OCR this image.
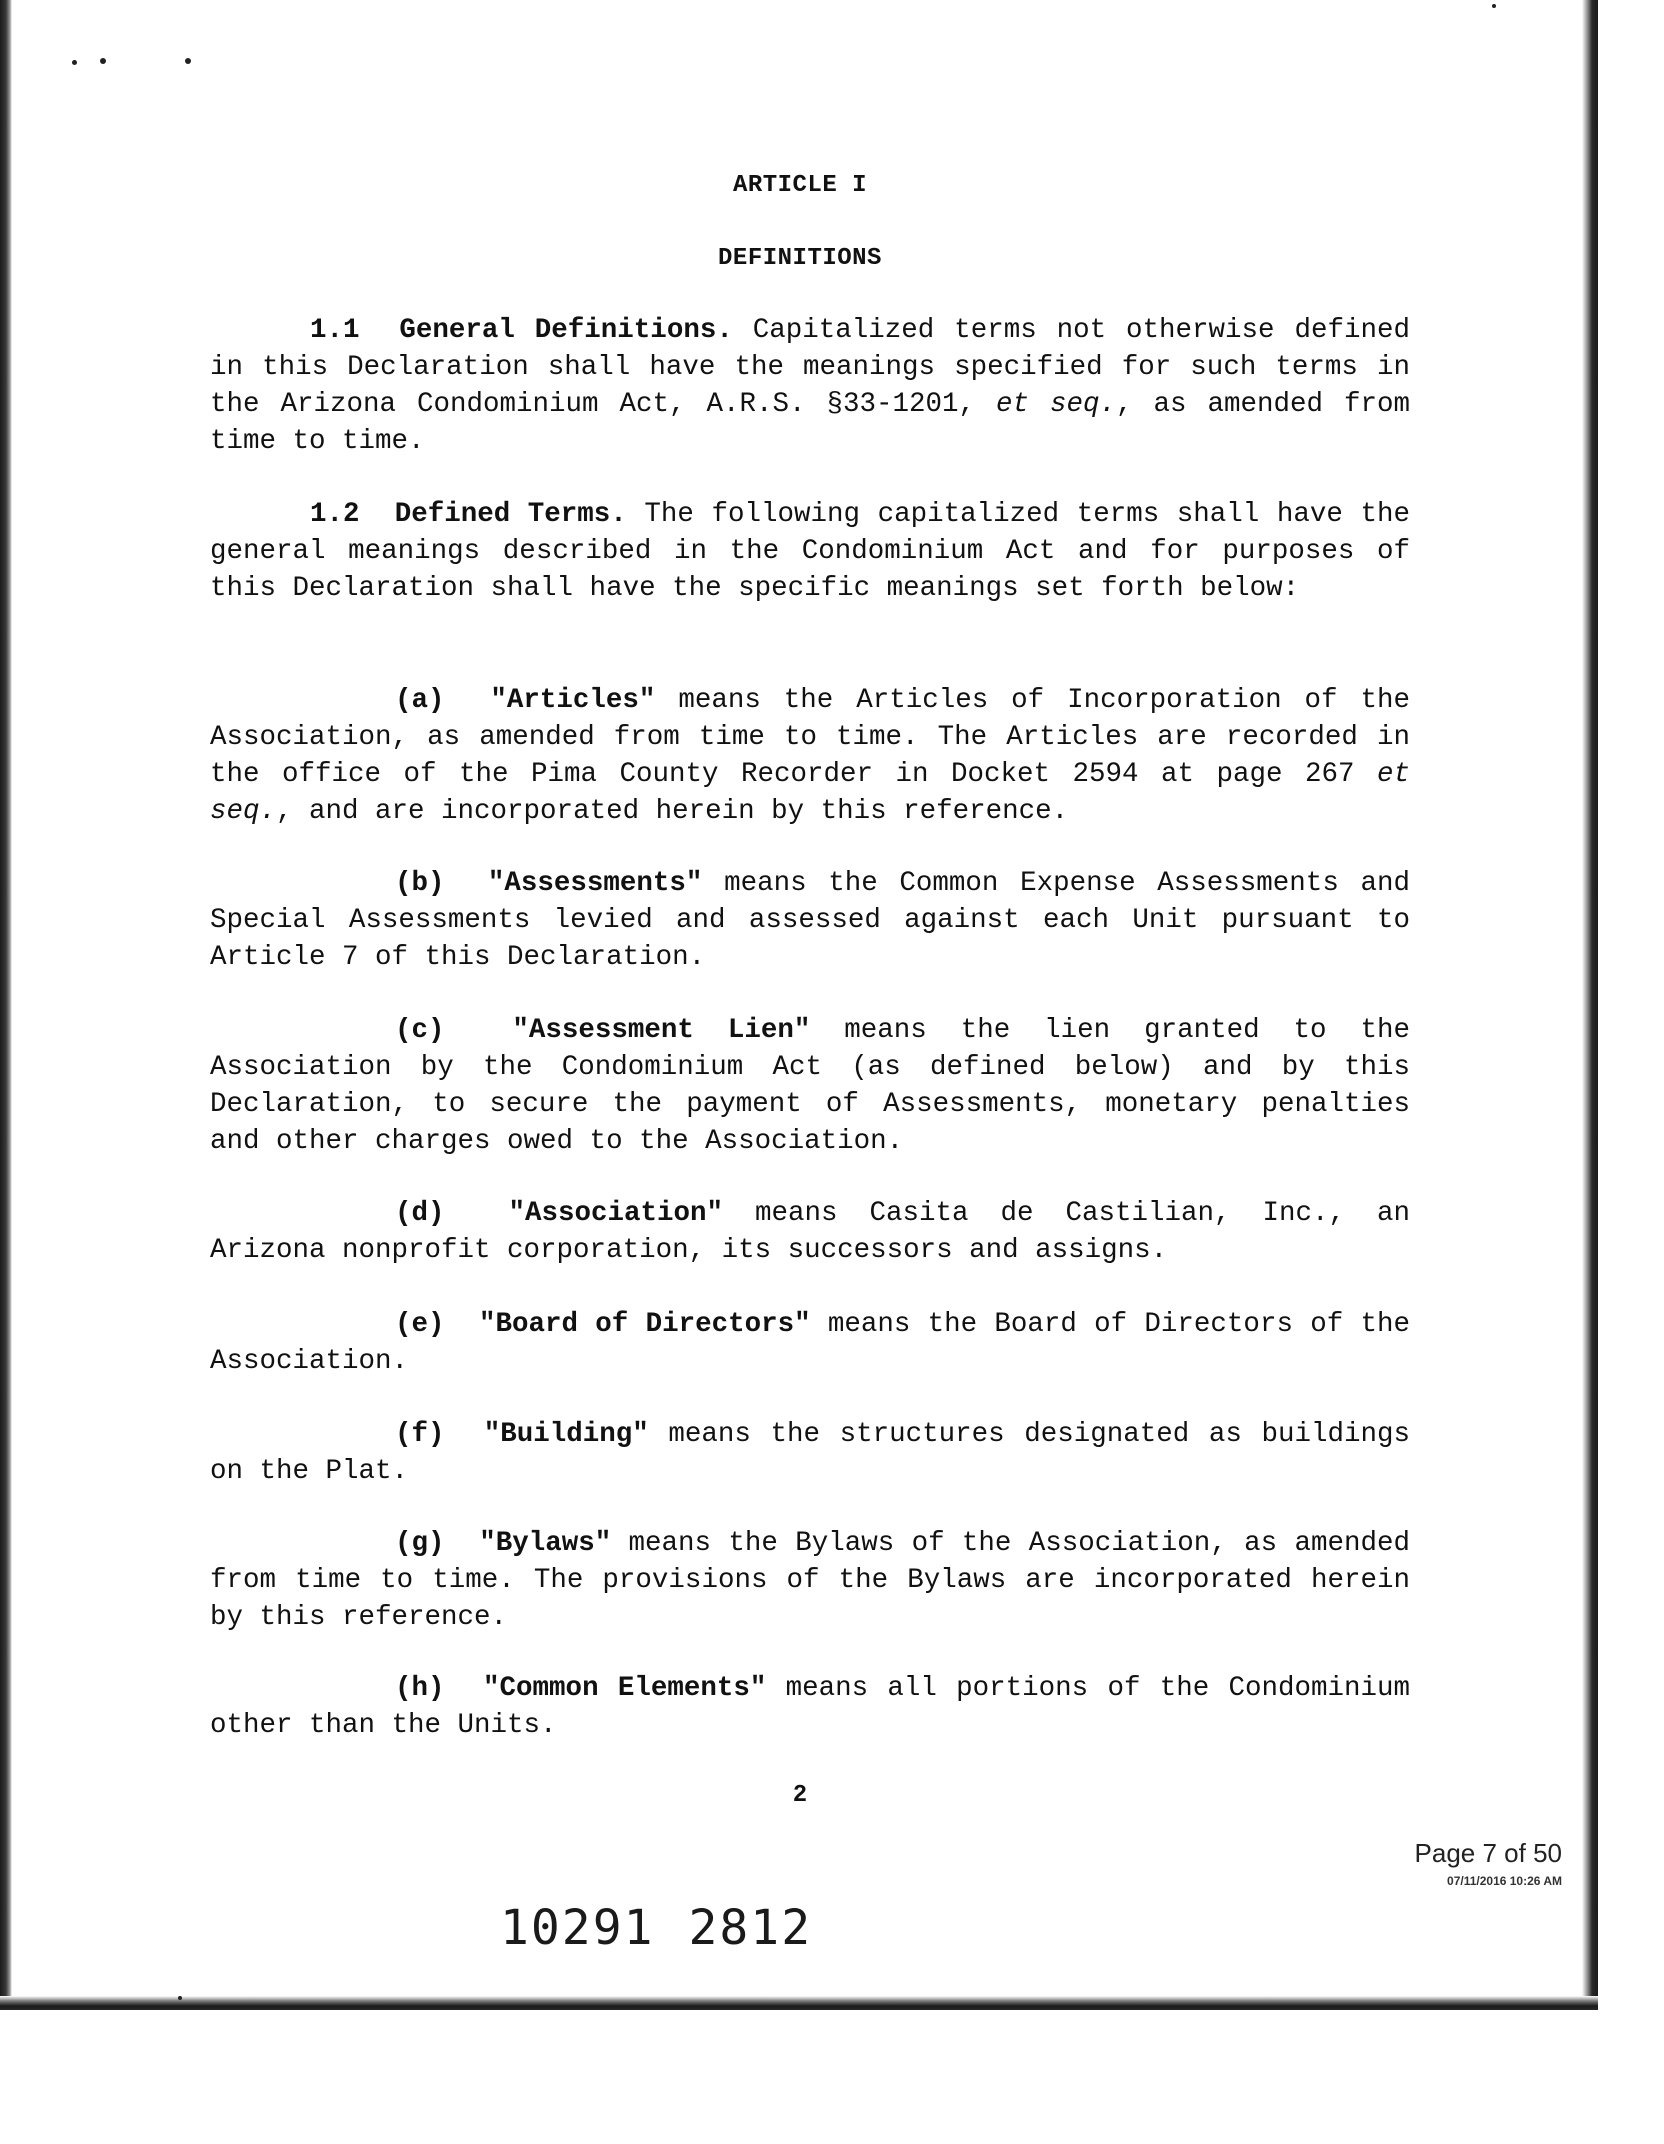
ARTICLE I
DEFINITIONS
1.1 General Definitions. Capitalized terms not otherwise defined in this Declaration shall have the meanings specified for such terms in the Arizona Condominium Act, A.R.S. §33-1201, et seq., as amended from time to time.
1.2 Defined Terms. The following capitalized terms shall have the general meanings described in the Condominium Act and for purposes of this Declaration shall have the specific meanings set forth below:
(a) "Articles" means the Articles of Incorporation of the Association, as amended from time to time. The Articles are recorded in the office of the Pima County Recorder in Docket 2594 at page 267 et seq., and are incorporated herein by this reference.
(b) "Assessments" means the Common Expense Assessments and Special Assessments levied and assessed against each Unit pursuant to Article 7 of this Declaration.
(c) "Assessment Lien" means the lien granted to the Association by the Condominium Act (as defined below) and by this Declaration, to secure the payment of Assessments, monetary penalties and other charges owed to the Association.
(d) "Association" means Casita de Castilian, Inc., an Arizona nonprofit corporation, its successors and assigns.
(e) "Board of Directors" means the Board of Directors of the Association.
(f) "Building" means the structures designated as buildings on the Plat.
(g) "Bylaws" means the Bylaws of the Association, as amended from time to time. The provisions of the Bylaws are incorporated herein by this reference.
(h) "Common Elements" means all portions of the Condominium other than the Units.
2
Page 7 of 50
07/11/2016 10:26 AM
10291 2812
